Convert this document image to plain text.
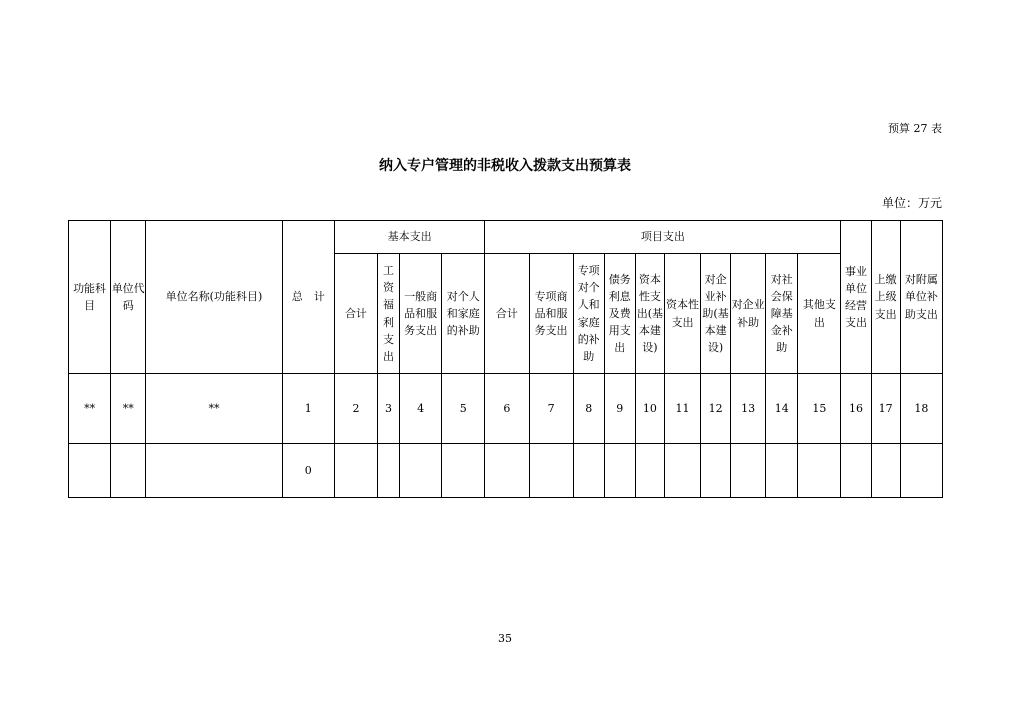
预算 27 表
纳入专户管理的非税收入拨款支出预算表
单位：万元
功能科目	单位代码	单位名称(功能科目)	总　计	基本支出				项目支出										事业单位经营支出	上缴上级支出	对附属单位补助支出
				合计	工资福利支出	一般商品和服务支出	对个人和家庭的补助	合计	专项商品和服务支出	专项对个人和家庭的补助	债务利息及费用支出	资本性支出(基本建设)	资本性支出	对企业补助(基本建设)	对企业补助	对社会保障基金补助	其他支出			
**	**	**	1	2	3	4	5	6	7	8	9	10	11	12	13	14	15	16	17	18
			0																	
35
